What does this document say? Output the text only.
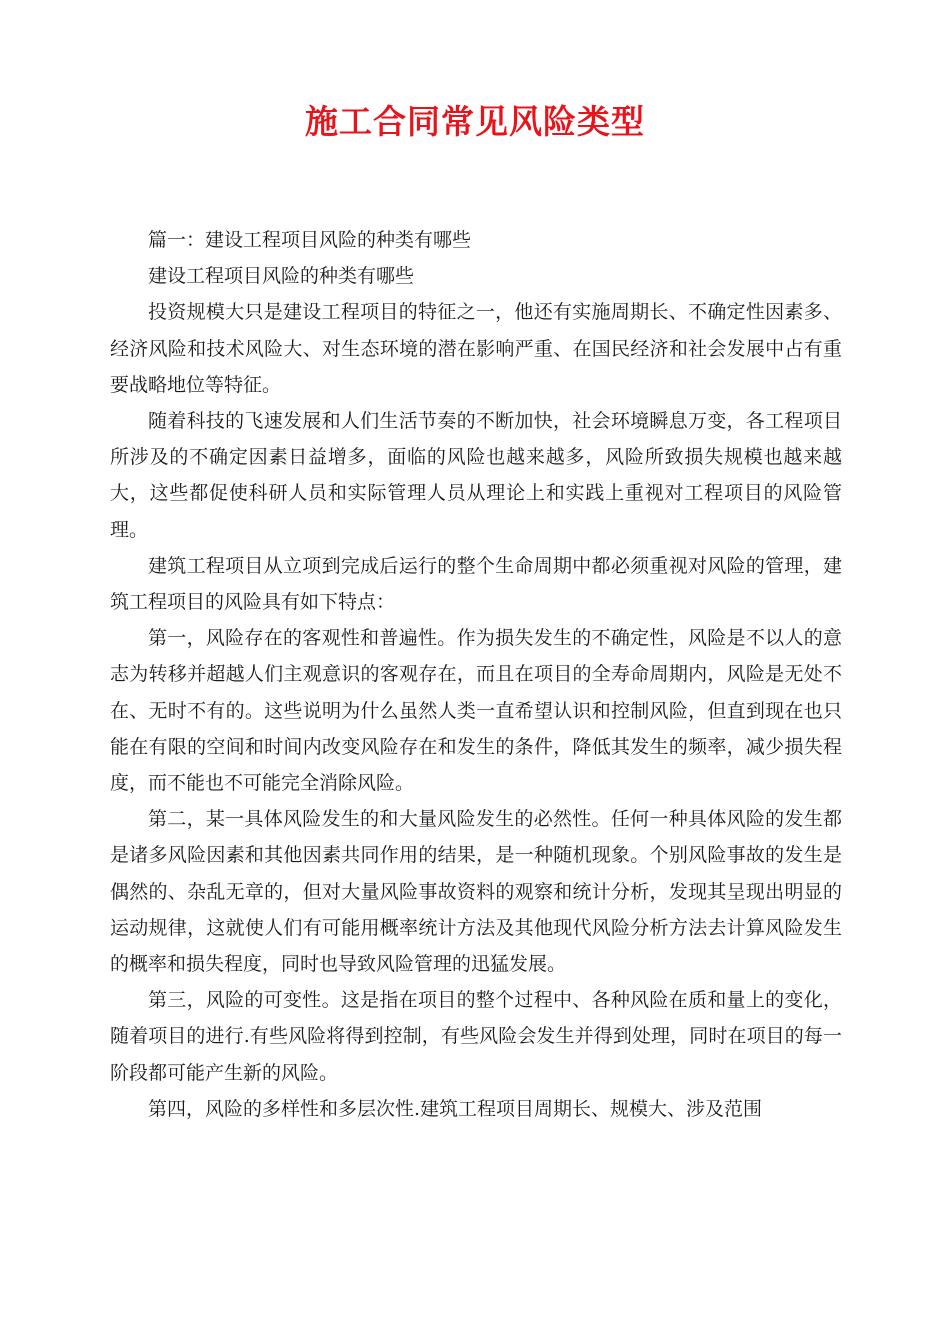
施工合同常见风险类型

篇一：建设工程项目风险的种类有哪些

建设工程项目风险的种类有哪些

投资规模大只是建设工程项目的特征之一，他还有实施周期长、不确定性因素多、经济风险和技术风险大、对生态环境的潜在影响严重、在国民经济和社会发展中占有重要战略地位等特征。

随着科技的飞速发展和人们生活节奏的不断加快，社会环境瞬息万变，各工程项目所涉及的不确定因素日益增多，面临的风险也越来越多，风险所致损失规模也越来越大，这些都促使科研人员和实际管理人员从理论上和实践上重视对工程项目的风险管理。

建筑工程项目从立项到完成后运行的整个生命周期中都必须重视对风险的管理，建筑工程项目的风险具有如下特点：

第一，风险存在的客观性和普遍性。作为损失发生的不确定性，风险是不以人的意志为转移并超越人们主观意识的客观存在，而且在项目的全寿命周期内，风险是无处不在、无时不有的。这些说明为什么虽然人类一直希望认识和控制风险，但直到现在也只能在有限的空间和时间内改变风险存在和发生的条件，降低其发生的频率，减少损失程度，而不能也不可能完全消除风险。

第二，某一具体风险发生的和大量风险发生的必然性。任何一种具体风险的发生都是诸多风险因素和其他因素共同作用的结果，是一种随机现象。个别风险事故的发生是偶然的、杂乱无章的，但对大量风险事故资料的观察和统计分析，发现其呈现出明显的运动规律，这就使人们有可能用概率统计方法及其他现代风险分析方法去计算风险发生的概率和损失程度，同时也导致风险管理的迅猛发展。

第三，风险的可变性。这是指在项目的整个过程中、各种风险在质和量上的变化，随着项目的进行.有些风险将得到控制，有些风险会发生并得到处理，同时在项目的每一阶段都可能产生新的风险。

第四，风险的多样性和多层次性.建筑工程项目周期长、规模大、涉及范围
